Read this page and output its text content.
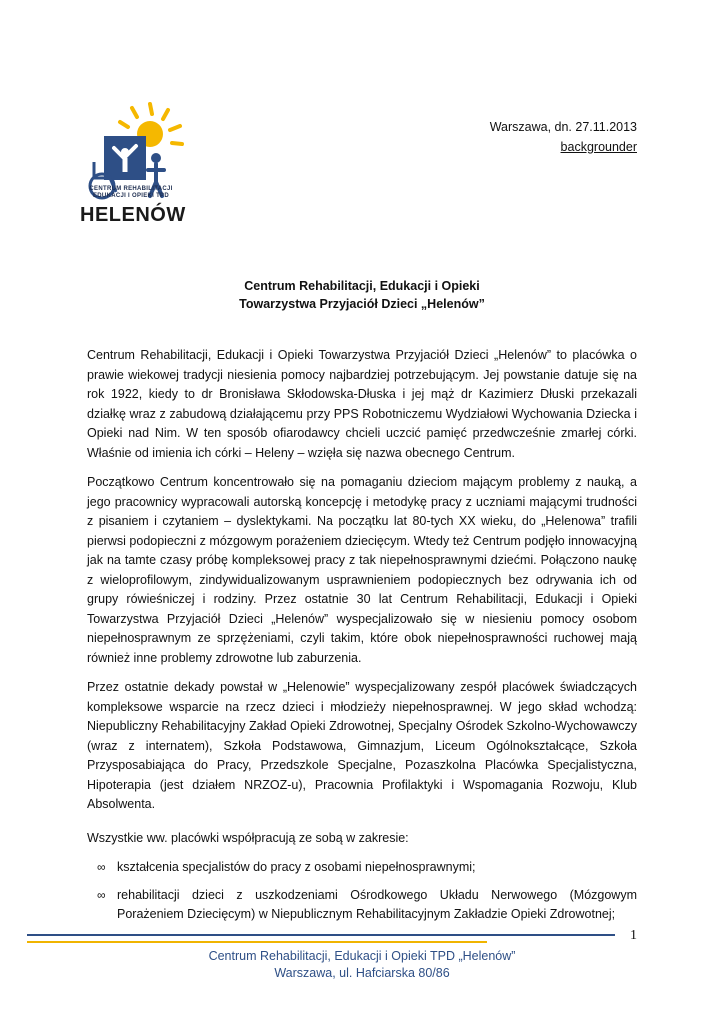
CENTRUM REHABILITACJI
EDUKACJI I OPIEKI TPD
HELENÓW
Warszawa, dn. 27.11.2013
backgrounder
Centrum Rehabilitacji, Edukacji i Opieki
Towarzystwa Przyjaciół Dzieci „Helenów”

Centrum Rehabilitacji, Edukacji i Opieki Towarzystwa Przyjaciół Dzieci „Helenów” to placówka o prawie wiekowej tradycji niesienia pomocy najbardziej potrzebującym. Jej powstanie datuje się na rok 1922, kiedy to dr Bronisława Skłodowska-Dłuska i jej mąż dr Kazimierz Dłuski przekazali działkę wraz z zabudową działającemu przy PPS Robotniczemu Wydziałowi Wychowania Dziecka i Opieki nad Nim. W ten sposób ofiarodawcy chcieli uczcić pamięć przedwcześnie zmarłej córki. Właśnie od imienia ich córki – Heleny – wzięła się nazwa obecnego Centrum.

Początkowo Centrum koncentrowało się na pomaganiu dzieciom mającym problemy z nauką, a jego pracownicy wypracowali autorską koncepcję i metodykę pracy z uczniami mającymi trudności z pisaniem i czytaniem – dyslektykami. Na początku lat 80-tych XX wieku, do „Helenowa” trafili pierwsi podopieczni z mózgowym porażeniem dziecięcym. Wtedy też Centrum podjęło innowacyjną jak na tamte czasy próbę kompleksowej pracy z tak niepełnosprawnymi dziećmi. Połączono naukę z wieloprofilowym, zindywidualizowanym usprawnieniem podopiecznych bez odrywania ich od grupy rówieśniczej i rodziny. Przez ostatnie 30 lat Centrum Rehabilitacji, Edukacji i Opieki Towarzystwa Przyjaciół Dzieci „Helenów” wyspecjalizowało się w niesieniu pomocy osobom niepełnosprawnym ze sprzężeniami, czyli takim, które obok niepełnosprawności ruchowej mają również inne problemy zdrowotne lub zaburzenia.

Przez ostatnie dekady powstał w „Helenowie” wyspecjalizowany zespół placówek świadczących kompleksowe wsparcie na rzecz dzieci i młodzieży niepełnosprawnej. W jego skład wchodzą: Niepubliczny Rehabilitacyjny Zakład Opieki Zdrowotnej, Specjalny Ośrodek Szkolno-Wychowawczy (wraz z internatem), Szkoła Podstawowa, Gimnazjum, Liceum Ogólnokształcące, Szkoła Przysposabiająca do Pracy, Przedszkole Specjalne, Pozaszkolna Placówka Specjalistyczna, Hipoterapia (jest działem NRZOZ-u), Pracownia Profilaktyki i Wspomagania Rozwoju, Klub Absolwenta.

Wszystkie ww. placówki współpracują ze sobą w zakresie:

∞ kształcenia specjalistów do pracy z osobami niepełnosprawnymi;
∞ rehabilitacji dzieci z uszkodzeniami Ośrodkowego Układu Nerwowego (Mózgowym Porażeniem Dziecięcym) w Niepublicznym Rehabilitacyjnym Zakładzie Opieki Zdrowotnej;
1
Centrum Rehabilitacji, Edukacji i Opieki TPD „Helenów”
Warszawa, ul. Hafciarska 80/86
